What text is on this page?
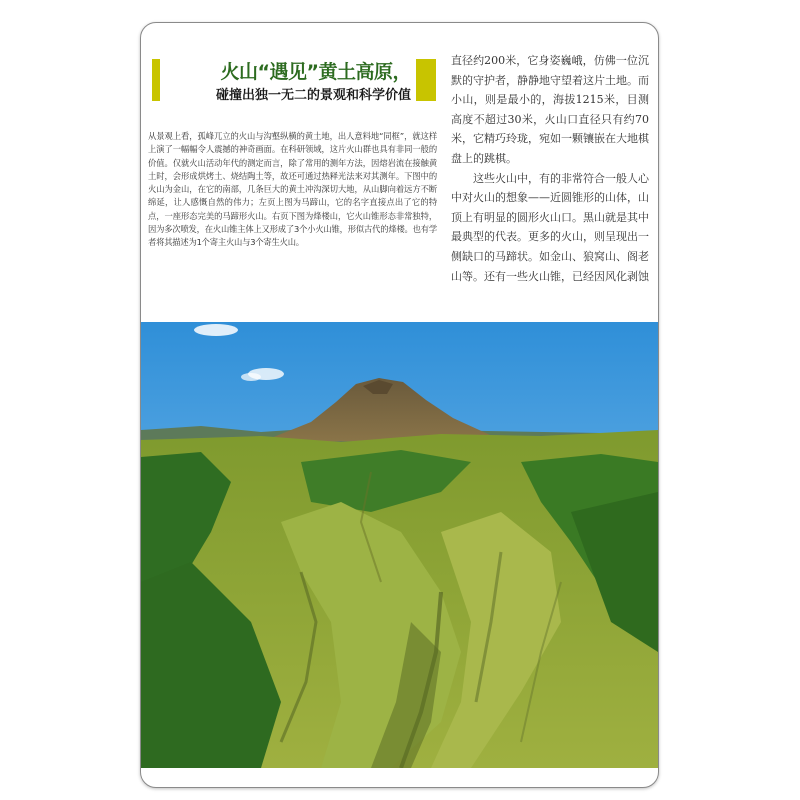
火山“遇见”黄土高原，
碰撞出独一无二的景观和科学价值

从景观上看，孤峰兀立的火山与沟壑纵横的黄土地，出人意料地“同框”，就这样上演了一幅幅令人震撼的神奇画面。在科研领域，这片火山群也具有非同一般的价值。仅就火山活动年代的测定而言，除了常用的测年方法，因熔岩流在接触黄土时，会形成烘烤土、烧结陶土等，故还可通过热释光法来对其测年。下图中的火山为金山，在它的南部，几条巨大的黄土冲沟深切大地，从山脚向着远方不断绵延，让人感慨自然的伟力；左页上图为马蹄山，它的名字直接点出了它的特点，一座形态完美的马蹄形火山。右页下图为烽楼山，它火山锥形态非常独特，因为多次喷发，在火山锥主体上又形成了3个小火山锥，形似古代的烽楼。也有学者将其描述为1个寄主火山与3个寄生火山。

直径约200米，它身姿巍峨，仿佛一位沉默的守护者，静静地守望着这片土地。而小山，则是最小的，海拔1215米，目测高度不超过30米，火山口直径只有约70米，它精巧玲珑，宛如一颗镶嵌在大地棋盘上的跳棋。

这些火山中，有的非常符合一般人心中对火山的想象——近圆锥形的山体，山顶上有明显的圆形火山口。黒山就是其中最典型的代表。更多的火山，则呈现出一侧缺口的马蹄状。如金山、狼窝山、阁老山等。还有一些火山锥，已经因风化剥蚀
